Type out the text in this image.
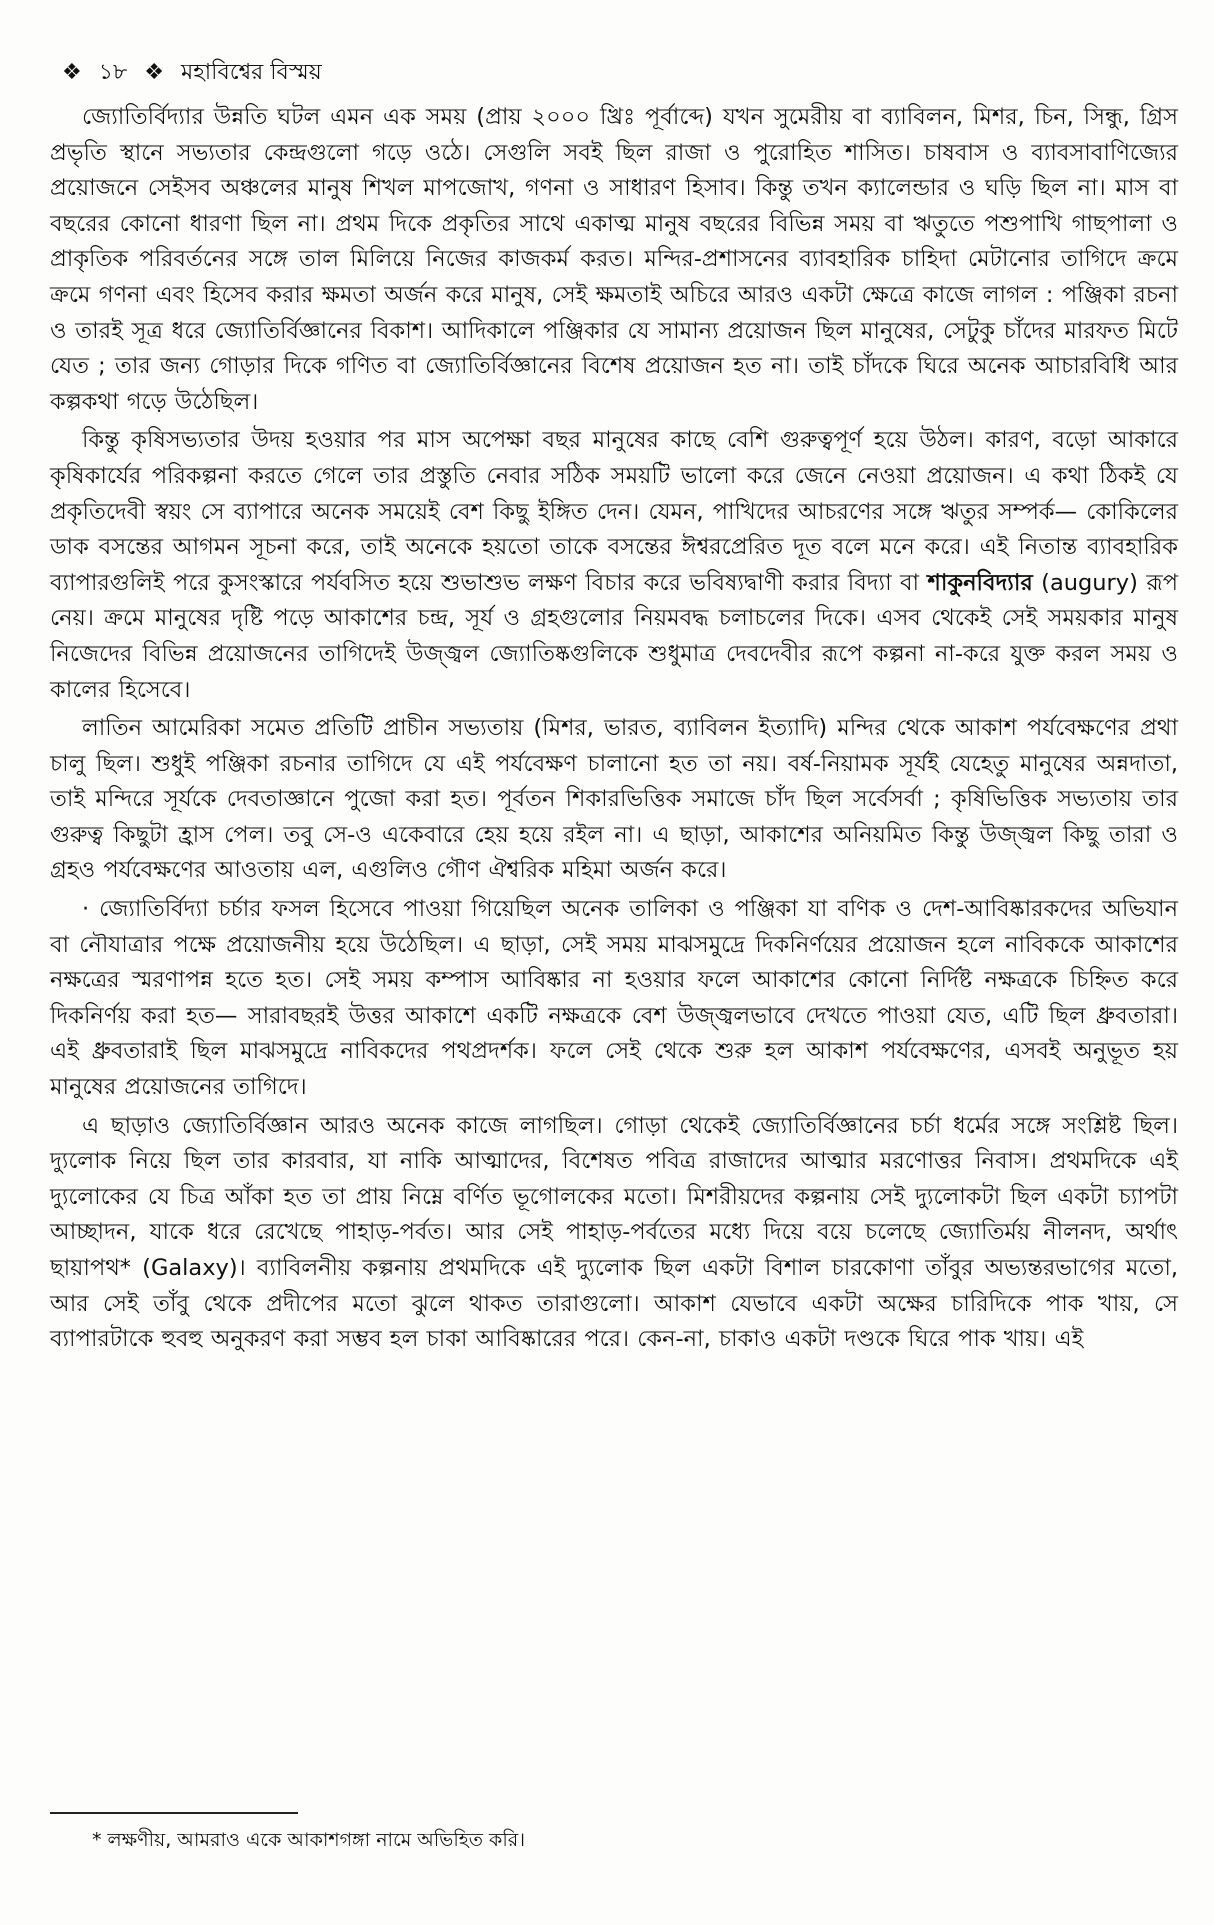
❖ ১৮ ❖ মহাবিশ্বের বিস্ময়

জ্যোতির্বিদ্যার উন্নতি ঘটল এমন এক সময় (প্রায় ২০০০ খ্রিঃ পূর্বাব্দে) যখন সুমেরীয় বা ব্যাবিলন, মিশর, চিন, সিন্ধু, গ্রিস প্রভৃতি স্থানে সভ্যতার কেন্দ্রগুলো গড়ে ওঠে। সেগুলি সবই ছিল রাজা ও পুরোহিত শাসিত। চাষবাস ও ব্যাবসাবাণিজ্যের প্রয়োজনে সেইসব অঞ্চলের মানুষ শিখল মাপজোখ, গণনা ও সাধারণ হিসাব। কিন্তু তখন ক্যালেন্ডার ও ঘড়ি ছিল না। মাস বা বছরের কোনো ধারণা ছিল না। প্রথম দিকে প্রকৃতির সাথে একাত্ম মানুষ বছরের বিভিন্ন সময় বা ঋতুতে পশুপাখি গাছপালা ও প্রাকৃতিক পরিবর্তনের সঙ্গে তাল মিলিয়ে নিজের কাজকর্ম করত। মন্দির-প্রশাসনের ব্যাবহারিক চাহিদা মেটানোর তাগিদে ক্রমে ক্রমে গণনা এবং হিসেব করার ক্ষমতা অর্জন করে মানুষ, সেই ক্ষমতাই অচিরে আরও একটা ক্ষেত্রে কাজে লাগল : পঞ্জিকা রচনা ও তারই সূত্র ধরে জ্যোতির্বিজ্ঞানের বিকাশ। আদিকালে পঞ্জিকার যে সামান্য প্রয়োজন ছিল মানুষের, সেটুকু চাঁদের মারফত মিটে যেত ; তার জন্য গোড়ার দিকে গণিত বা জ্যোতির্বিজ্ঞানের বিশেষ প্রয়োজন হত না। তাই চাঁদকে ঘিরে অনেক আচারবিধি আর কল্পকথা গড়ে উঠেছিল।

কিন্তু কৃষিসভ্যতার উদয় হওয়ার পর মাস অপেক্ষা বছর মানুষের কাছে বেশি গুরুত্বপূর্ণ হয়ে উঠল। কারণ, বড়ো আকারে কৃষিকার্যের পরিকল্পনা করতে গেলে তার প্রস্তুতি নেবার সঠিক সময়টি ভালো করে জেনে নেওয়া প্রয়োজন। এ কথা ঠিকই যে প্রকৃতিদেবী স্বয়ং সে ব্যাপারে অনেক সময়েই বেশ কিছু ইঙ্গিত দেন। যেমন, পাখিদের আচরণের সঙ্গে ঋতুর সম্পর্ক— কোকিলের ডাক বসন্তের আগমন সূচনা করে, তাই অনেকে হয়তো তাকে বসন্তের ঈশ্বরপ্রেরিত দূত বলে মনে করে। এই নিতান্ত ব্যাবহারিক ব্যাপারগুলিই পরে কুসংস্কারে পর্যবসিত হয়ে শুভাশুভ লক্ষণ বিচার করে ভবিষ্যদ্বাণী করার বিদ্যা বা শাকুনবিদ্যার (augury) রূপ নেয়। ক্রমে মানুষের দৃষ্টি পড়ে আকাশের চন্দ্র, সূর্য ও গ্রহগুলোর নিয়মবদ্ধ চলাচলের দিকে। এসব থেকেই সেই সময়কার মানুষ নিজেদের বিভিন্ন প্রয়োজনের তাগিদেই উজ্জ্বল জ্যোতিষ্কগুলিকে শুধুমাত্র দেবদেবীর রূপে কল্পনা না-করে যুক্ত করল সময় ও কালের হিসেবে।

লাতিন আমেরিকা সমেত প্রতিটি প্রাচীন সভ্যতায় (মিশর, ভারত, ব্যাবিলন ইত্যাদি) মন্দির থেকে আকাশ পর্যবেক্ষণের প্রথা চালু ছিল। শুধুই পঞ্জিকা রচনার তাগিদে যে এই পর্যবেক্ষণ চালানো হত তা নয়। বর্ষ-নিয়ামক সূর্যই যেহেতু মানুষের অন্নদাতা, তাই মন্দিরে সূর্যকে দেবতাজ্ঞানে পুজো করা হত। পূর্বতন শিকারভিত্তিক সমাজে চাঁদ ছিল সর্বেসর্বা ; কৃষিভিত্তিক সভ্যতায় তার গুরুত্ব কিছুটা হ্রাস পেল। তবু সে-ও একেবারে হেয় হয়ে রইল না। এ ছাড়া, আকাশের অনিয়মিত কিন্তু উজ্জ্বল কিছু তারা ও গ্রহও পর্যবেক্ষণের আওতায় এল, এগুলিও গৌণ ঐশ্বরিক মহিমা অর্জন করে।

· জ্যোতির্বিদ্যা চর্চার ফসল হিসেবে পাওয়া গিয়েছিল অনেক তালিকা ও পঞ্জিকা যা বণিক ও দেশ-আবিষ্কারকদের অভিযান বা নৌযাত্রার পক্ষে প্রয়োজনীয় হয়ে উঠেছিল। এ ছাড়া, সেই সময় মাঝসমুদ্রে দিকনির্ণয়ের প্রয়োজন হলে নাবিককে আকাশের নক্ষত্রের স্মরণাপন্ন হতে হত। সেই সময় কম্পাস আবিষ্কার না হওয়ার ফলে আকাশের কোনো নির্দিষ্ট নক্ষত্রকে চিহ্নিত করে দিকনির্ণয় করা হত— সারাবছরই উত্তর আকাশে একটি নক্ষত্রকে বেশ উজ্জ্বলভাবে দেখতে পাওয়া যেত, এটি ছিল ধ্রুবতারা। এই ধ্রুবতারাই ছিল মাঝসমুদ্রে নাবিকদের পথপ্রদর্শক। ফলে সেই থেকে শুরু হল আকাশ পর্যবেক্ষণের, এসবই অনুভূত হয় মানুষের প্রয়োজনের তাগিদে।

এ ছাড়াও জ্যোতির্বিজ্ঞান আরও অনেক কাজে লাগছিল। গোড়া থেকেই জ্যোতির্বিজ্ঞানের চর্চা ধর্মের সঙ্গে সংশ্লিষ্ট ছিল। দ্যুলোক নিয়ে ছিল তার কারবার, যা নাকি আত্মাদের, বিশেষত পবিত্র রাজাদের আত্মার মরণোত্তর নিবাস। প্রথমদিকে এই দ্যুলোকের যে চিত্র আঁকা হত তা প্রায় নিম্নে বর্ণিত ভূগোলকের মতো। মিশরীয়দের কল্পনায় সেই দ্যুলোকটা ছিল একটা চ্যাপটা আচ্ছাদন, যাকে ধরে রেখেছে পাহাড়-পর্বত। আর সেই পাহাড়-পর্বতের মধ্যে দিয়ে বয়ে চলেছে জ্যোতির্ময় নীলনদ, অর্থাৎ ছায়াপথ* (Galaxy)। ব্যাবিলনীয় কল্পনায় প্রথমদিকে এই দ্যুলোক ছিল একটা বিশাল চারকোণা তাঁবুর অভ্যন্তরভাগের মতো, আর সেই তাঁবু থেকে প্রদীপের মতো ঝুলে থাকত তারাগুলো। আকাশ যেভাবে একটা অক্ষের চারিদিকে পাক খায়, সে ব্যাপারটাকে হুবহু অনুকরণ করা সম্ভব হল চাকা আবিষ্কারের পরে। কেন-না, চাকাও একটা দণ্ডকে ঘিরে পাক খায়। এই

* লক্ষণীয়, আমরাও একে আকাশগঙ্গা নামে অভিহিত করি।
